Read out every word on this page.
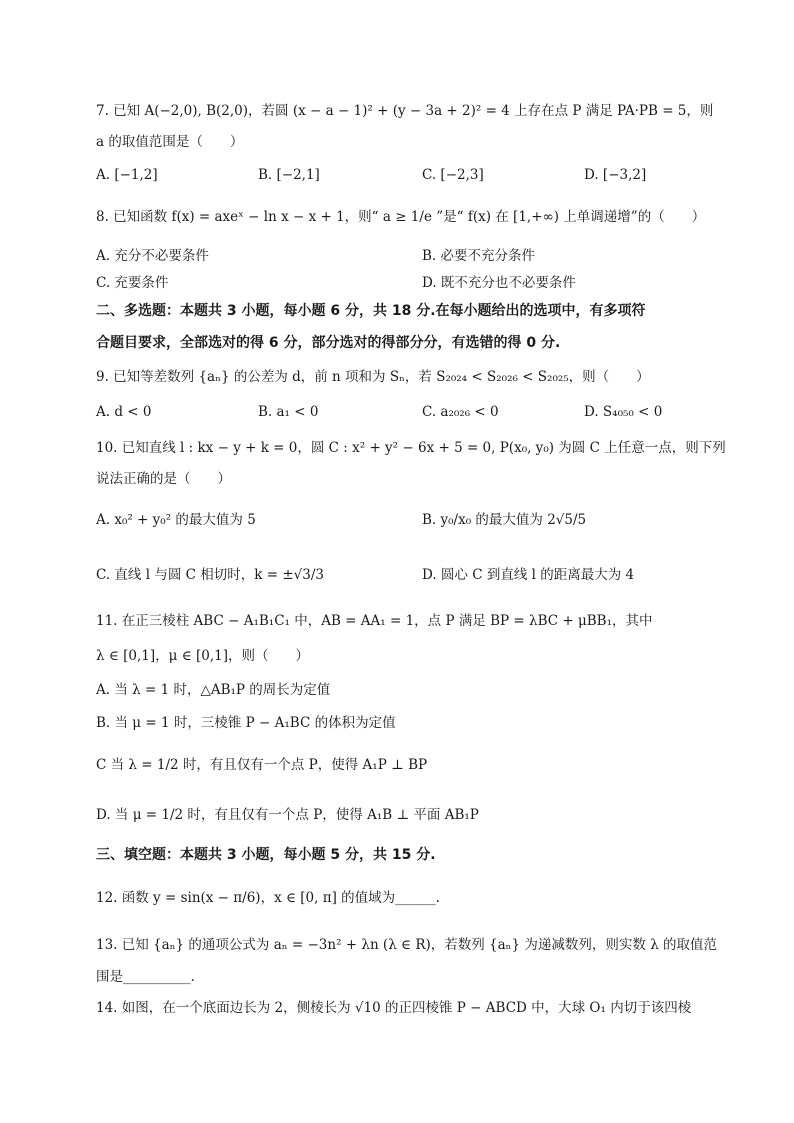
7. 已知 A(−2,0), B(2,0)，若圆 (x − a − 1)² + (y − 3a + 2)² = 4 上存在点 P 满足 PA·PB = 5，则
a 的取值范围是（　　）
A. [−1,2]	B. [−2,1]	C. [−2,3]	D. [−3,2]
8. 已知函数 f(x) = axeˣ − ln x − x + 1，则“ a ≥ 1/e ”是“ f(x) 在 [1,+∞) 上单调递增”的（　　）
A. 充分不必要条件	B. 必要不充分条件
C. 充要条件	D. 既不充分也不必要条件
二、多选题：本题共 3 小题，每小题 6 分，共 18 分.在每小题给出的选项中，有多项符
合题目要求，全部选对的得 6 分，部分选对的得部分分，有选错的得 0 分.
9. 已知等差数列 {aₙ} 的公差为 d，前 n 项和为 Sₙ，若 S₂₀₂₄ < S₂₀₂₆ < S₂₀₂₅，则（　　）
A. d < 0	B. a₁ < 0	C. a₂₀₂₆ < 0	D. S₄₀₅₀ < 0
10. 已知直线 l : kx − y + k = 0，圆 C : x² + y² − 6x + 5 = 0, P(x₀, y₀) 为圆 C 上任意一点，则下列
说法正确的是（　　）
A. x₀² + y₀² 的最大值为 5	B. y₀/x₀ 的最大值为 2√5/5
C. 直线 l 与圆 C 相切时，k = ±√3/3	D. 圆心 C 到直线 l 的距离最大为 4
11. 在正三棱柱 ABC − A₁B₁C₁ 中，AB = AA₁ = 1，点 P 满足 BP = λBC + μBB₁，其中
λ ∈ [0,1]，μ ∈ [0,1]，则（　　）
A. 当 λ = 1 时，△AB₁P 的周长为定值
B. 当 μ = 1 时，三棱锥 P − A₁BC 的体积为定值
C 当 λ = 1/2 时，有且仅有一个点 P，使得 A₁P ⊥ BP
D. 当 μ = 1/2 时，有且仅有一个点 P，使得 A₁B ⊥ 平面 AB₁P
三、填空题：本题共 3 小题，每小题 5 分，共 15 分.
12. 函数 y = sin(x − π/6)，x ∈ [0, π] 的值域为______.
13. 已知 {aₙ} 的通项公式为 aₙ = −3n² + λn (λ ∈ R)，若数列 {aₙ} 为递减数列，则实数 λ 的取值范
围是__________.
14. 如图，在一个底面边长为 2，侧棱长为 √10 的正四棱锥 P − ABCD 中，大球 O₁ 内切于该四棱
